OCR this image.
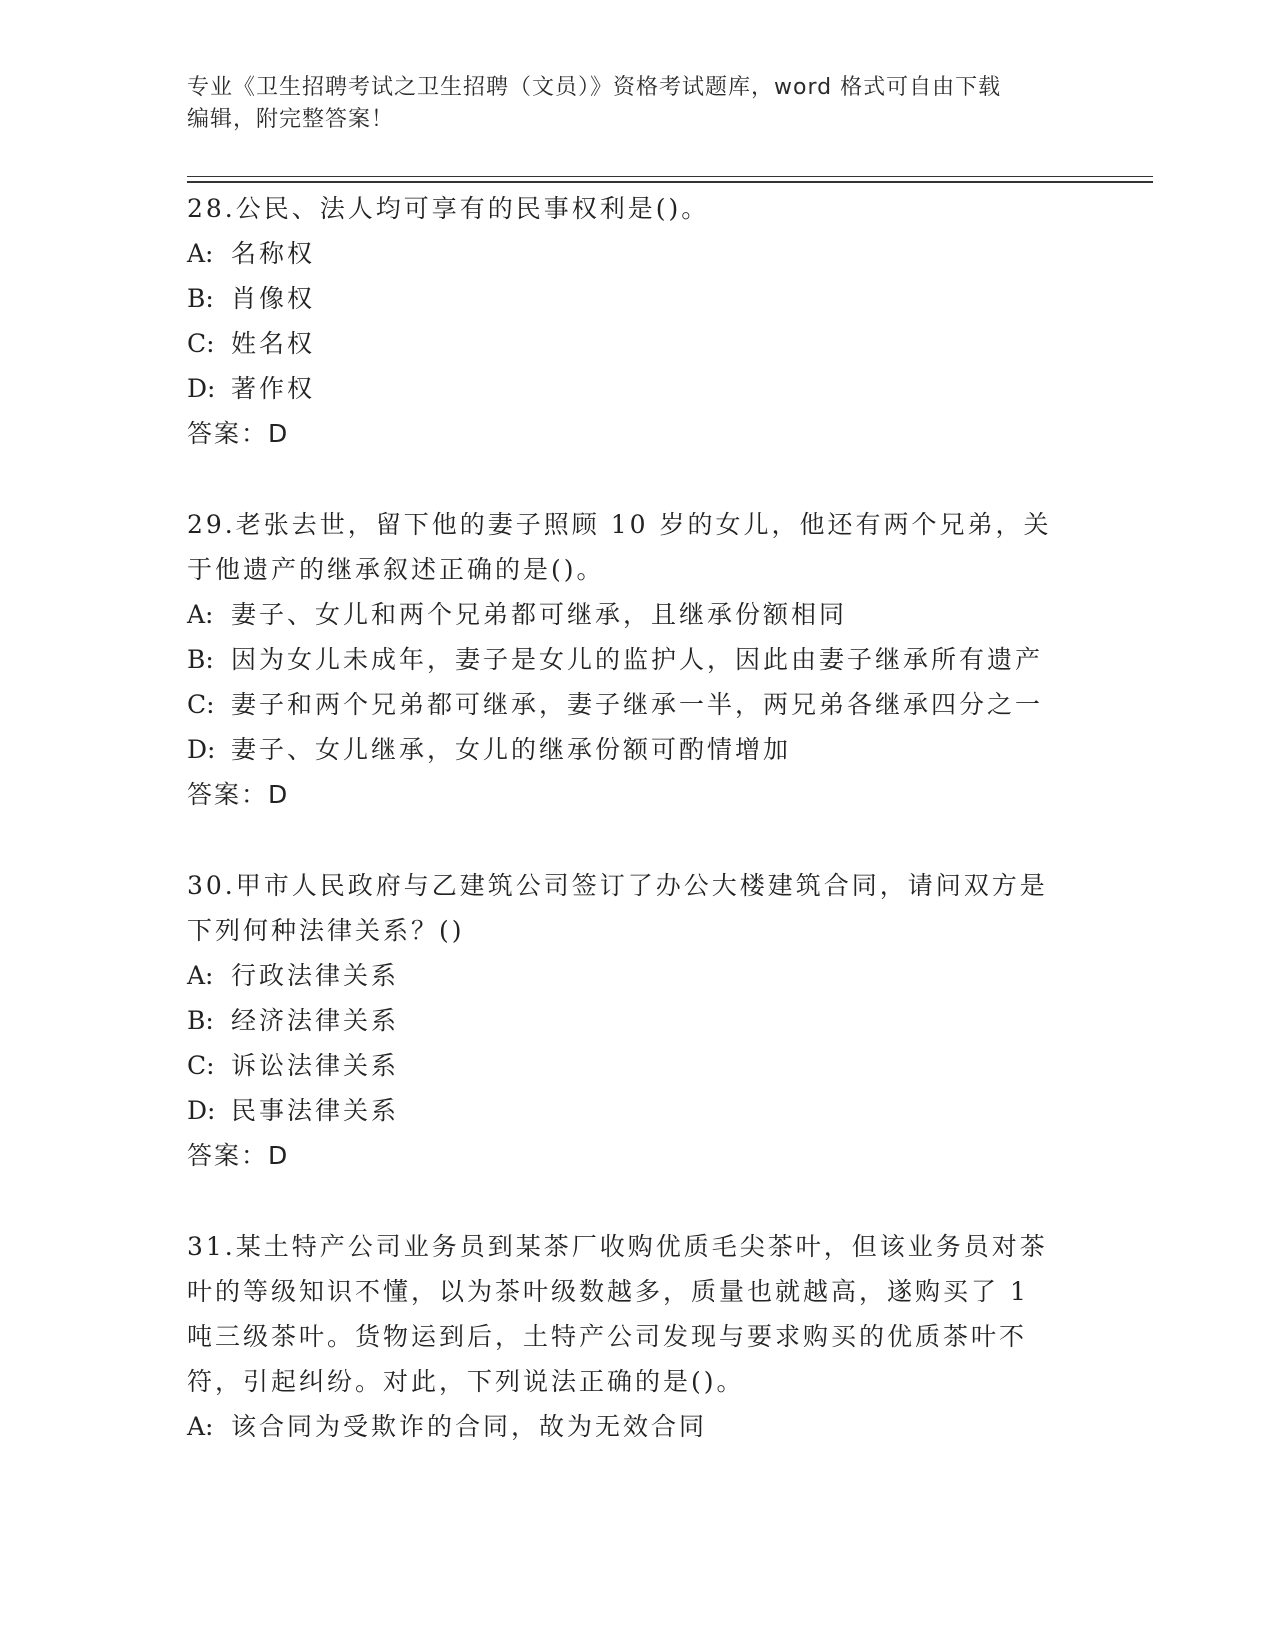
专业《卫生招聘考试之卫生招聘（文员）》资格考试题库，word 格式可自由下载
编辑，附完整答案！

28.公民、法人均可享有的民事权利是()。

A: 名称权

B: 肖像权

C: 姓名权

D: 著作权

答案：D

29.老张去世，留下他的妻子照顾 10 岁的女儿，他还有两个兄弟，关于他遗产的继承叙述正确的是()。

A: 妻子、女儿和两个兄弟都可继承，且继承份额相同

B: 因为女儿未成年，妻子是女儿的监护人，因此由妻子继承所有遗产

C: 妻子和两个兄弟都可继承，妻子继承一半，两兄弟各继承四分之一

D: 妻子、女儿继承，女儿的继承份额可酌情增加

答案：D

30.甲市人民政府与乙建筑公司签订了办公大楼建筑合同，请问双方是下列何种法律关系？()

A: 行政法律关系

B: 经济法律关系

C: 诉讼法律关系

D: 民事法律关系

答案：D

31.某土特产公司业务员到某茶厂收购优质毛尖茶叶，但该业务员对茶叶的等级知识不懂，以为茶叶级数越多，质量也就越高，遂购买了 1 吨三级茶叶。货物运到后，土特产公司发现与要求购买的优质茶叶不符，引起纠纷。对此，下列说法正确的是()。

A: 该合同为受欺诈的合同，故为无效合同
